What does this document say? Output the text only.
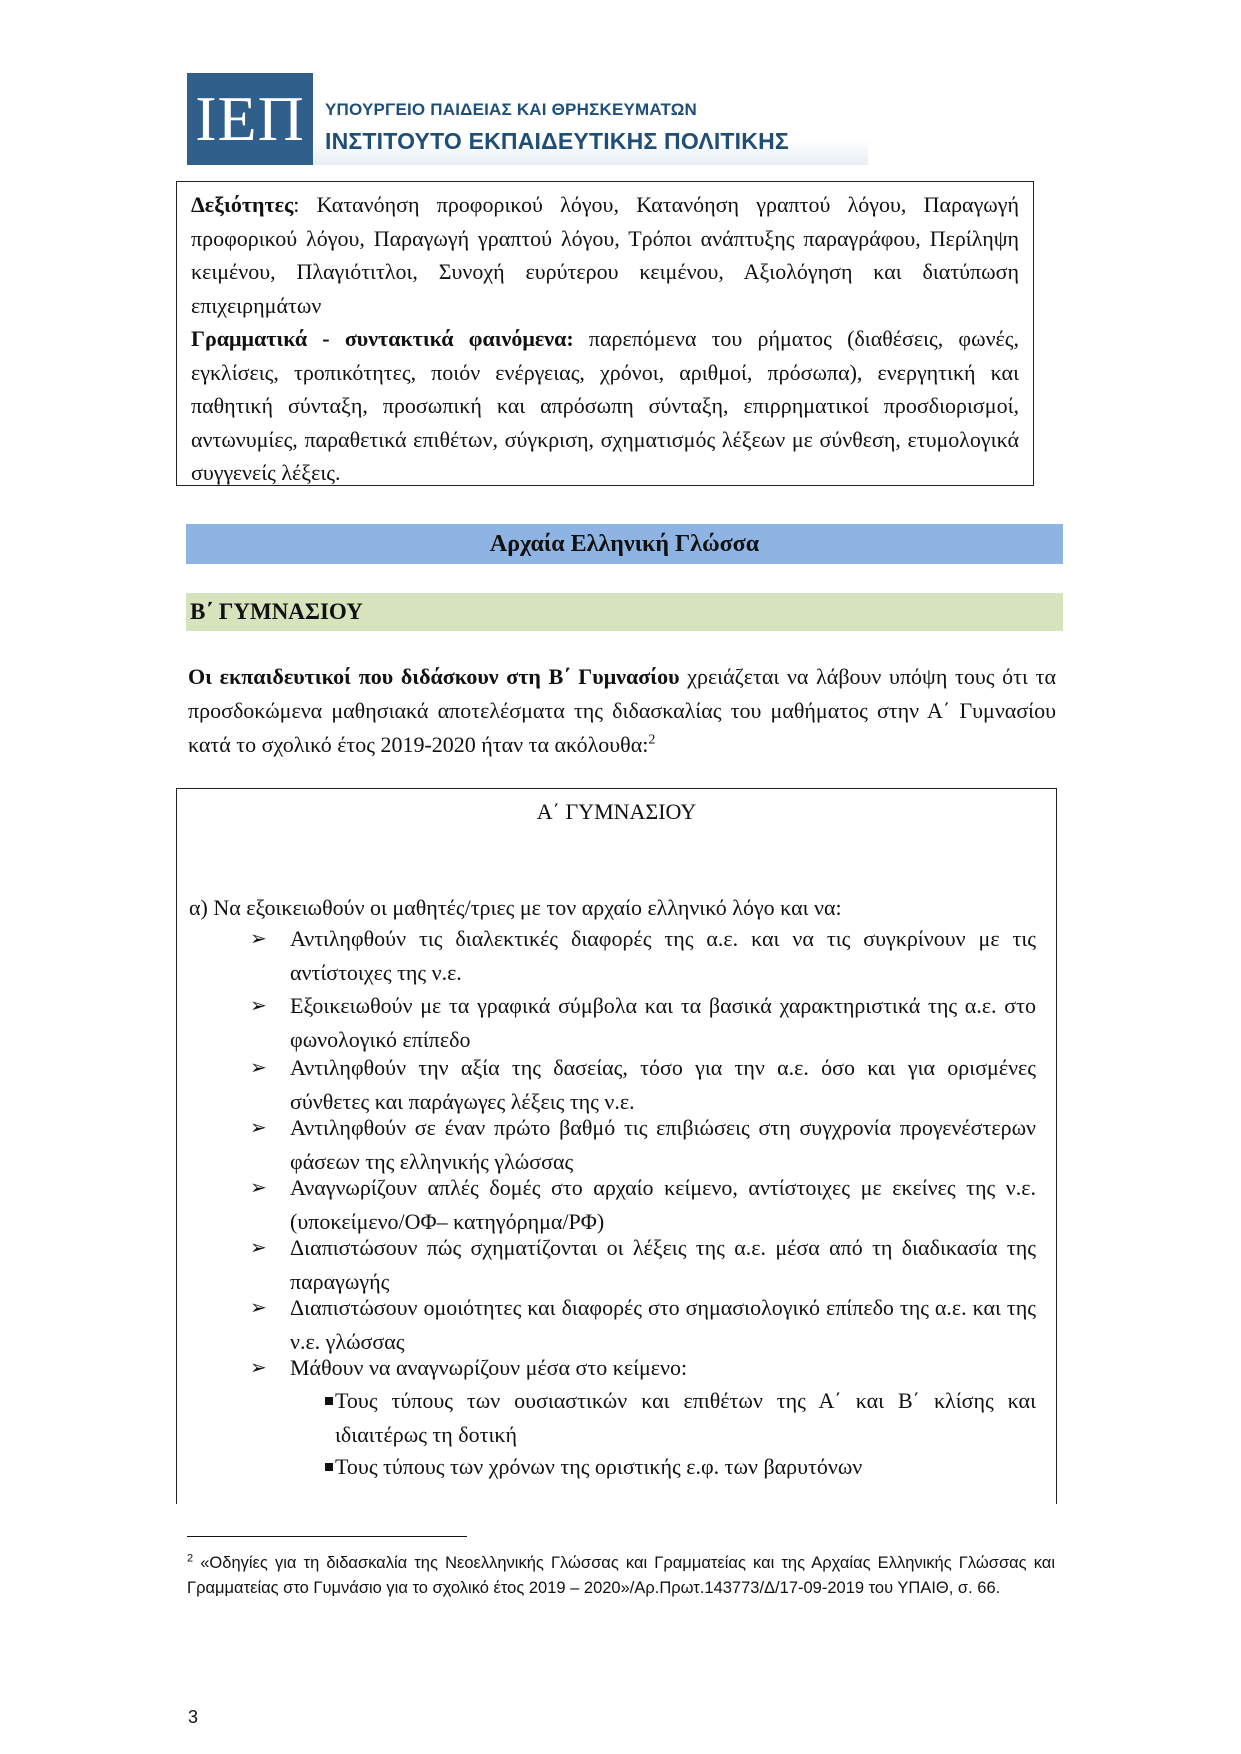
ΙΕΠ	ΥΠΟΥΡΓΕΙΟ ΠΑΙΔΕΙΑΣ ΚΑΙ ΘΡΗΣΚΕΥΜΑΤΩΝ
ΙΝΣΤΙΤΟΥΤΟ ΕΚΠΑΙΔΕΥΤΙΚΗΣ ΠΟΛΙΤΙΚΗΣ

Δεξιότητες: Κατανόηση προφορικού λόγου, Κατανόηση γραπτού λόγου, Παραγωγή προφορικού λόγου, Παραγωγή γραπτού λόγου, Τρόποι ανάπτυξης παραγράφου, Περίληψη κειμένου, Πλαγιότιτλοι, Συνοχή ευρύτερου κειμένου, Αξιολόγηση και διατύπωση επιχειρημάτων

Γραμματικά - συντακτικά φαινόμενα: παρεπόμενα του ρήματος (διαθέσεις, φωνές, εγκλίσεις, τροπικότητες, ποιόν ενέργειας, χρόνοι, αριθμοί, πρόσωπα), ενεργητική και παθητική σύνταξη, προσωπική και απρόσωπη σύνταξη, επιρρηματικοί προσδιορισμοί, αντωνυμίες, παραθετικά επιθέτων, σύγκριση, σχηματισμός λέξεων με σύνθεση, ετυμολογικά συγγενείς λέξεις.

Αρχαία Ελληνική Γλώσσα
Β΄ ΓΥΜΝΑΣΙΟΥ

Οι εκπαιδευτικοί που διδάσκουν στη Β΄ Γυμνασίου χρειάζεται να λάβουν υπόψη τους ότι τα προσδοκώμενα μαθησιακά αποτελέσματα της διδασκαλίας του μαθήματος στην Α΄ Γυμνασίου κατά το σχολικό έτος 2019-2020 ήταν τα ακόλουθα:$^2$

Α΄ ΓΥΜΝΑΣΙΟΥ
α) Να εξοικειωθούν οι μαθητές/τριες με τον αρχαίο ελληνικό λόγο και να:
➢ Αντιληφθούν τις διαλεκτικές διαφορές της α.ε. και να τις συγκρίνουν με τις αντίστοιχες της ν.ε.
➢ Εξοικειωθούν με τα γραφικά σύμβολα και τα βασικά χαρακτηριστικά της α.ε. στο φωνολογικό επίπεδο
➢ Αντιληφθούν την αξία της δασείας, τόσο για την α.ε. όσο και για ορισμένες σύνθετες και παράγωγες λέξεις της ν.ε.
➢ Αντιληφθούν σε έναν πρώτο βαθμό τις επιβιώσεις στη συγχρονία προγενέστερων φάσεων της ελληνικής γλώσσας
➢ Αναγνωρίζουν απλές δομές στο αρχαίο κείμενο, αντίστοιχες με εκείνες της ν.ε. (υποκείμενο/ΟΦ– κατηγόρημα/ΡΦ)
➢ Διαπιστώσουν πώς σχηματίζονται οι λέξεις της α.ε. μέσα από τη διαδικασία της παραγωγής
➢ Διαπιστώσουν ομοιότητες και διαφορές στο σημασιολογικό επίπεδο της α.ε. και της ν.ε. γλώσσας
➢ Μάθουν να αναγνωρίζουν μέσα στο κείμενο:
Τους τύπους των ουσιαστικών και επιθέτων της Α΄ και Β΄ κλίσης και ιδιαιτέρως τη δοτική
Τους τύπους των χρόνων της οριστικής ε.φ. των βαρυτόνων

$^2$ «Οδηγίες για τη διδασκαλία της Νεοελληνικής Γλώσσας και Γραμματείας και της Αρχαίας Ελληνικής Γλώσσας και Γραμματείας στο Γυμνάσιο για το σχολικό έτος 2019 – 2020»/Αρ.Πρωτ.143773/Δ/17-09-2019 του ΥΠΑΙΘ, σ. 66.

3
